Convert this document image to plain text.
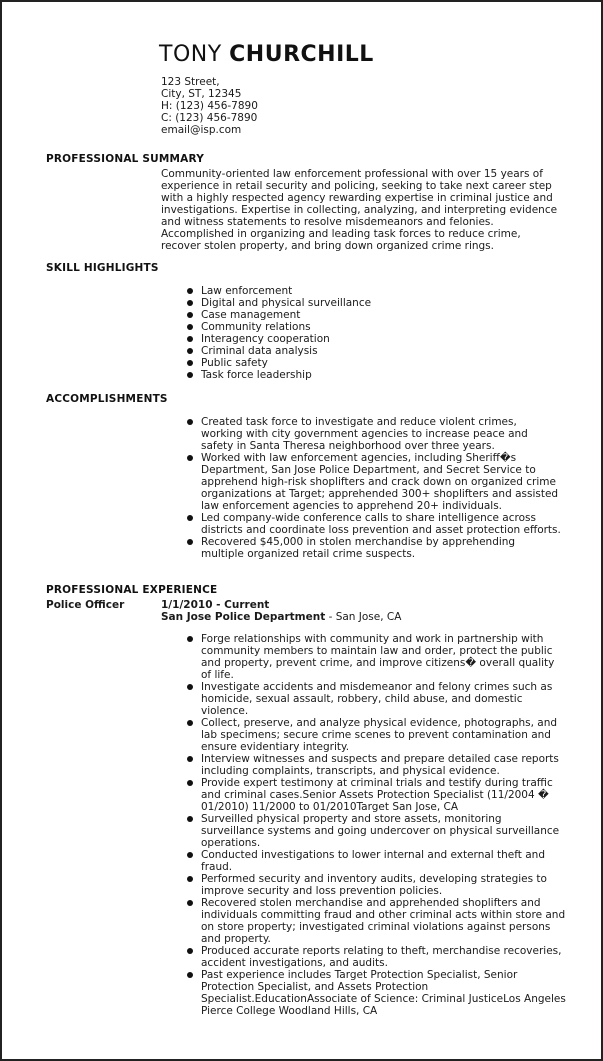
TONY CHURCHILL
123 Street,
City, ST, 12345
H: (123) 456-7890
C: (123) 456-7890
email@isp.com
PROFESSIONAL SUMMARY
Community-oriented law enforcement professional with over 15 years of experience in retail security and policing, seeking to take next career step with a highly respected agency rewarding expertise in criminal justice and investigations. Expertise in collecting, analyzing, and interpreting evidence and witness statements to resolve misdemeanors and felonies. Accomplished in organizing and leading task forces to reduce crime, recover stolen property, and bring down organized crime rings.
SKILL HIGHLIGHTS
Law enforcement
Digital and physical surveillance
Case management
Community relations
Interagency cooperation
Criminal data analysis
Public safety
Task force leadership
ACCOMPLISHMENTS
Created task force to investigate and reduce violent crimes, working with city government agencies to increase peace and safety in Santa Theresa neighborhood over three years.
Worked with law enforcement agencies, including Sheriff�s Department, San Jose Police Department, and Secret Service to apprehend high-risk shoplifters and crack down on organized crime organizations at Target; apprehended 300+ shoplifters and assisted law enforcement agencies to apprehend 20+ individuals.
Led company-wide conference calls to share intelligence across districts and coordinate loss prevention and asset protection efforts.
Recovered $45,000 in stolen merchandise by apprehending multiple organized retail crime suspects.
PROFESSIONAL EXPERIENCE
Police Officer	1/1/2010 - Current
San Jose Police Department - San Jose, CA
Forge relationships with community and work in partnership with community members to maintain law and order, protect the public and property, prevent crime, and improve citizens� overall quality of life.
Investigate accidents and misdemeanor and felony crimes such as homicide, sexual assault, robbery, child abuse, and domestic violence.
Collect, preserve, and analyze physical evidence, photographs, and lab specimens; secure crime scenes to prevent contamination and ensure evidentiary integrity.
Interview witnesses and suspects and prepare detailed case reports including complaints, transcripts, and physical evidence.
Provide expert testimony at criminal trials and testify during traffic and criminal cases.Senior Assets Protection Specialist (11/2004 � 01/2010) 11/2000 to 01/2010Target San Jose, CA
Surveilled physical property and store assets, monitoring surveillance systems and going undercover on physical surveillance operations.
Conducted investigations to lower internal and external theft and fraud.
Performed security and inventory audits, developing strategies to improve security and loss prevention policies.
Recovered stolen merchandise and apprehended shoplifters and individuals committing fraud and other criminal acts within store and on store property; investigated criminal violations against persons and property.
Produced accurate reports relating to theft, merchandise recoveries, accident investigations, and audits.
Past experience includes Target Protection Specialist, Senior Protection Specialist, and Assets Protection Specialist.EducationAssociate of Science: Criminal JusticeLos Angeles Pierce College Woodland Hills, CA
